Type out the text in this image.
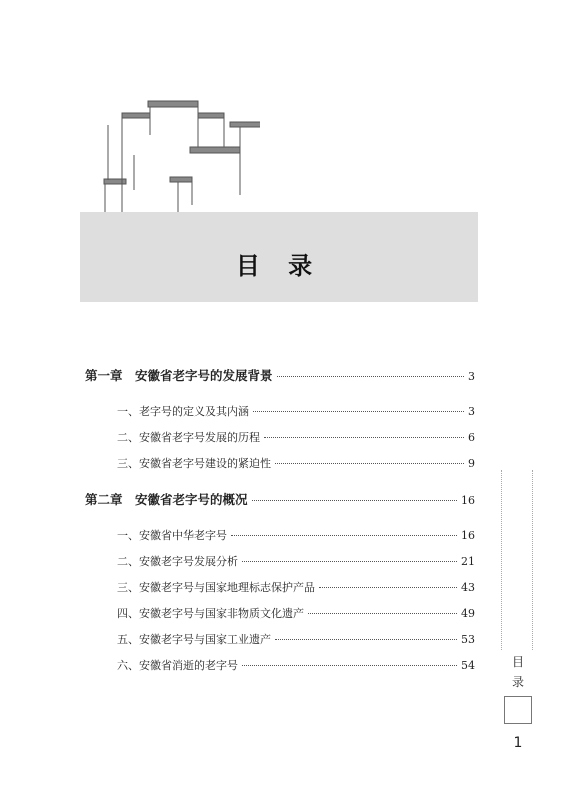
目 录
第一章　安徽省老字号的发展背景	3
一、老字号的定义及其内涵	3
二、安徽省老字号发展的历程	6
三、安徽省老字号建设的紧迫性	9
第二章　安徽省老字号的概况	16
一、安徽省中华老字号	16
二、安徽老字号发展分析	21
三、安徽老字号与国家地理标志保护产品	43
四、安徽老字号与国家非物质文化遗产	49
五、安徽老字号与国家工业遗产	53
六、安徽省消逝的老字号	54	目录
1
